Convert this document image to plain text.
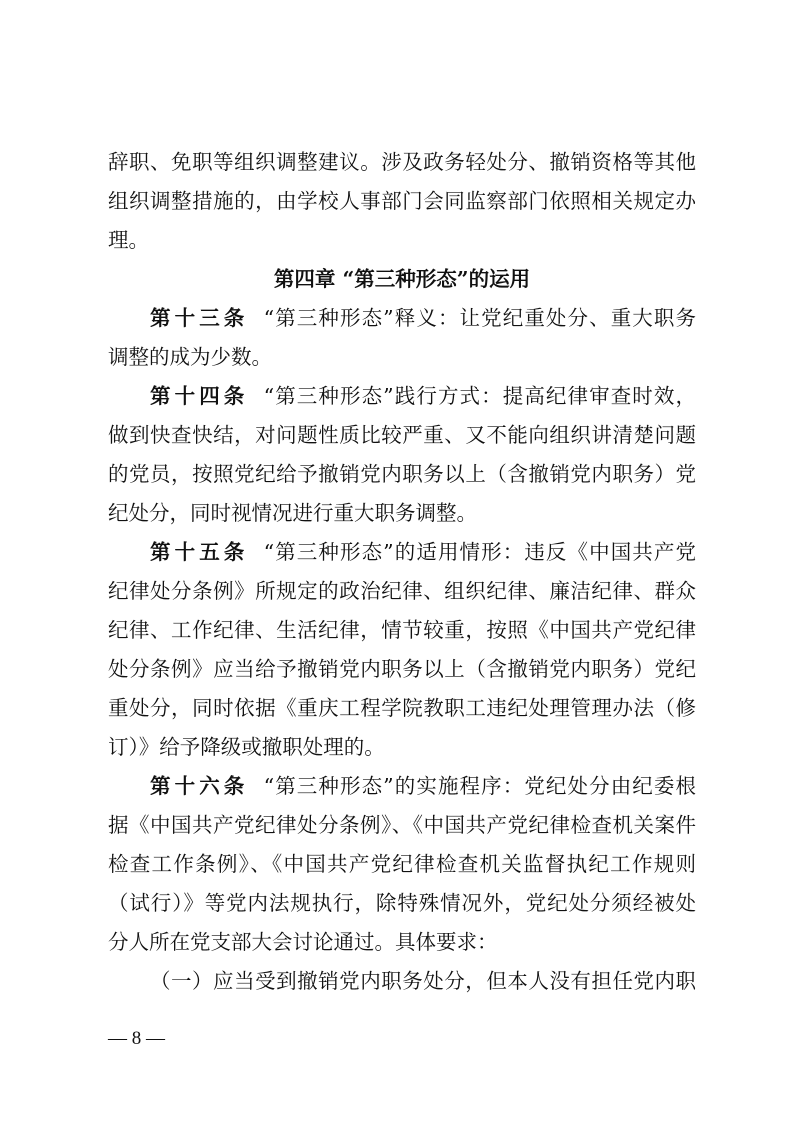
辞职、免职等组织调整建议。涉及政务轻处分、撤销资格等其他
组织调整措施的，由学校人事部门会同监察部门依照相关规定办
理。
第四章 “第三种形态”的运用
第十三条 “第三种形态”释义：让党纪重处分、重大职务
调整的成为少数。
第十四条 “第三种形态”践行方式：提高纪律审查时效，
做到快查快结，对问题性质比较严重、又不能向组织讲清楚问题
的党员，按照党纪给予撤销党内职务以上（含撤销党内职务）党
纪处分，同时视情况进行重大职务调整。
第十五条 “第三种形态”的适用情形：违反《中国共产党
纪律处分条例》所规定的政治纪律、组织纪律、廉洁纪律、群众
纪律、工作纪律、生活纪律，情节较重，按照《中国共产党纪律
处分条例》应当给予撤销党内职务以上（含撤销党内职务）党纪
重处分，同时依据《重庆工程学院教职工违纪处理管理办法（修
订）》给予降级或撤职处理的。
第十六条 “第三种形态”的实施程序：党纪处分由纪委根
据《中国共产党纪律处分条例》、《中国共产党纪律检查机关案件
检查工作条例》、《中国共产党纪律检查机关监督执纪工作规则
（试行）》等党内法规执行，除特殊情况外，党纪处分须经被处
分人所在党支部大会讨论通过。具体要求：
（一）应当受到撤销党内职务处分，但本人没有担任党内职
— 8 —
